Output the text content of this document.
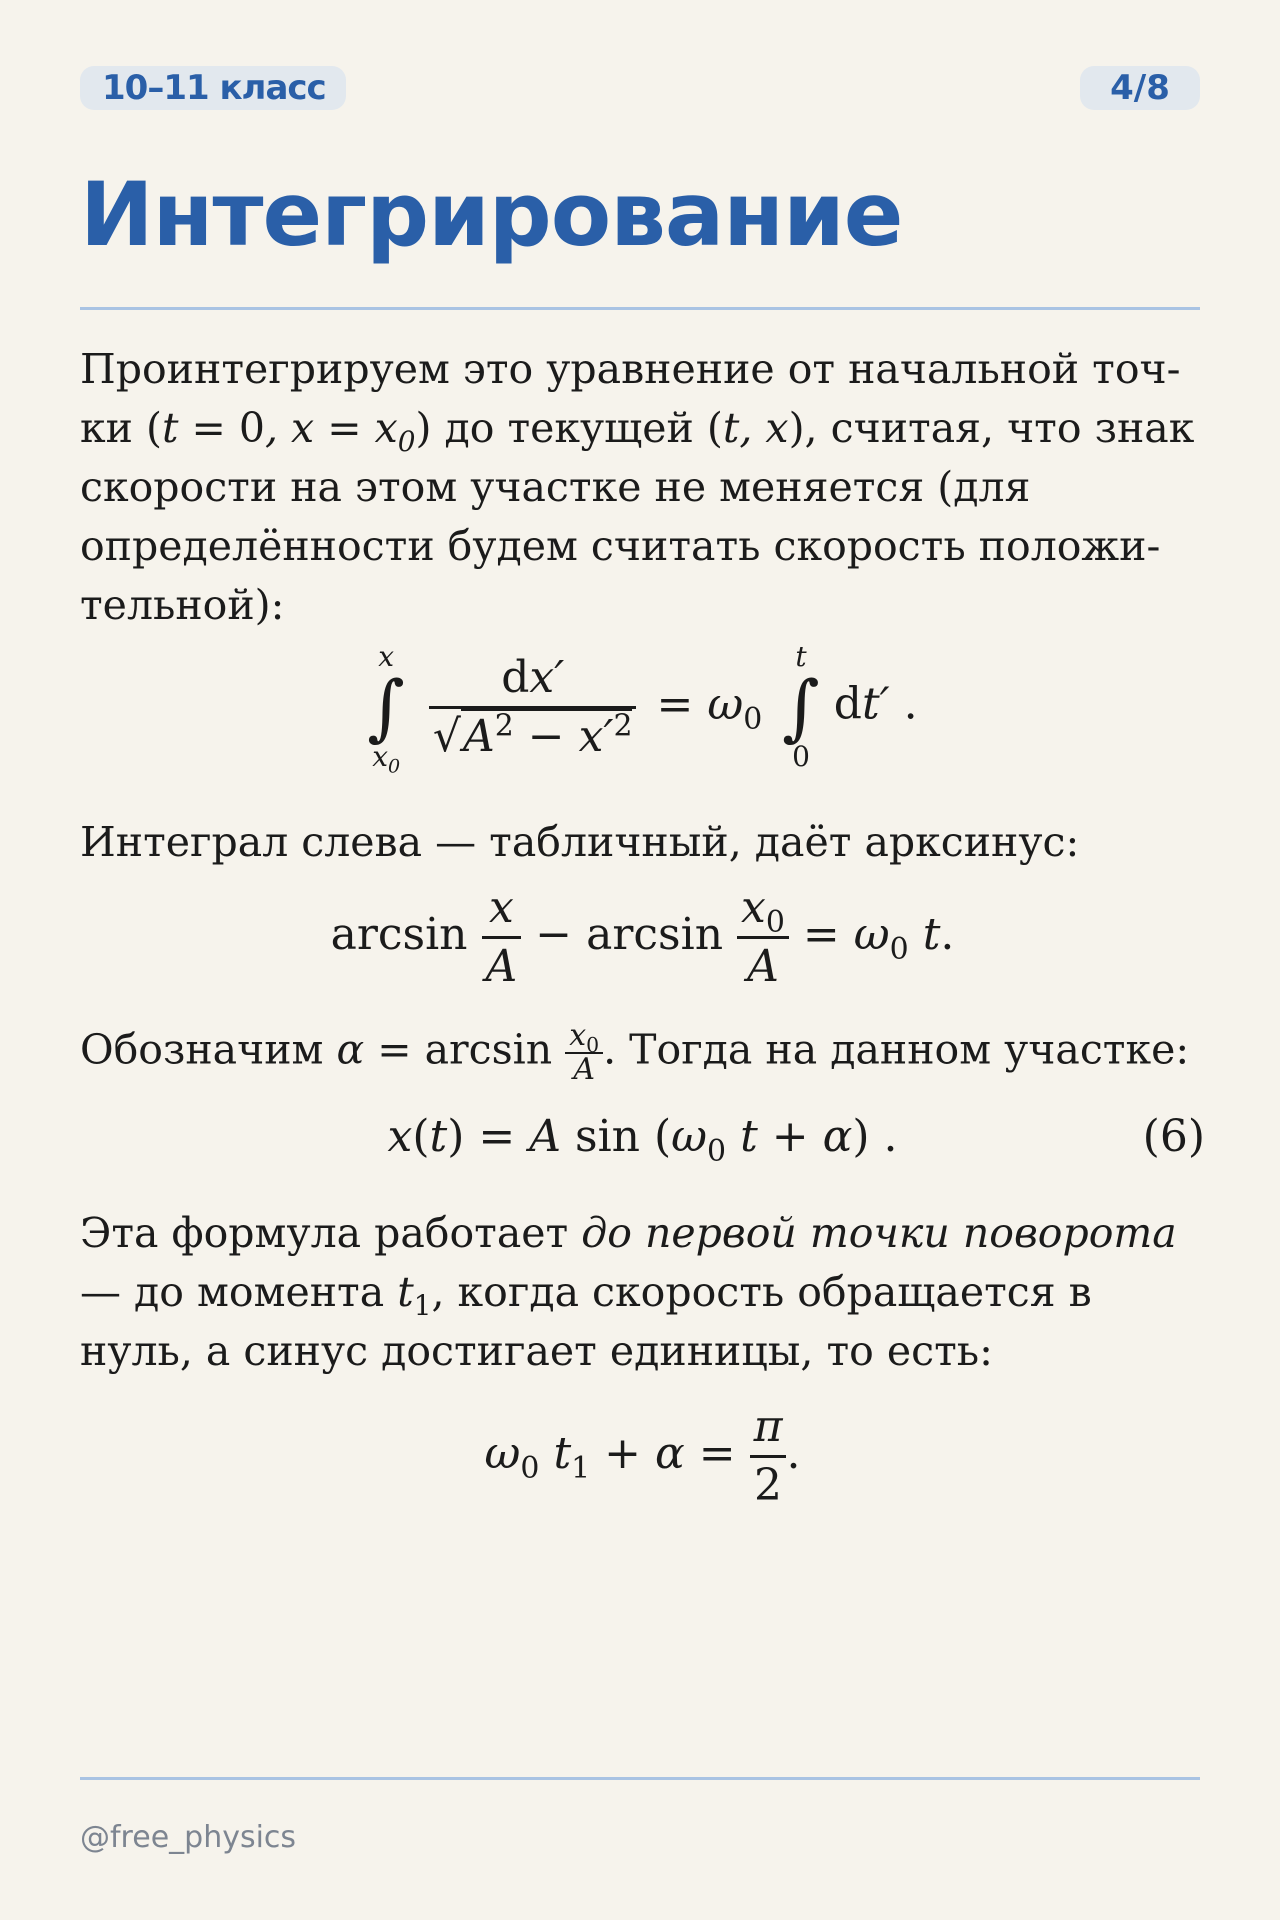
10–11 класс	4/8
Интегрирование

Проинтегрируем это уравнение от начальной точ-ки (t = 0, $x = x_0$) до текущей (t, x), считая, что знак скорости на этом участке не меняется (для определённости будем считать скорость положи-тельной):

x
∫
$x_0$

$\frac{dx'}{√A^2 - x'^2} = \omega_0$
t
∫
0
dt′ .

Интеграл слева — табличный, даёт арксинус:

$\arcsin \frac{x}{A} - \arcsin \frac{x_0}{A} = \omega_0$ t.

Обозначим $\alpha = \arcsin \frac{x_0}{A}$ . Тогда на данном участке:

x(t) = A $\sin (\omega_0$ t + α) .	(6)

Эта формула работает до первой точки поворота — до момента $t_1$, когда скорость обращается в нуль, а синус достигает единицы, то есть:

$\omega_0$ $t_1 + \alpha = \frac{\pi}{2}$ .
@free_physics
